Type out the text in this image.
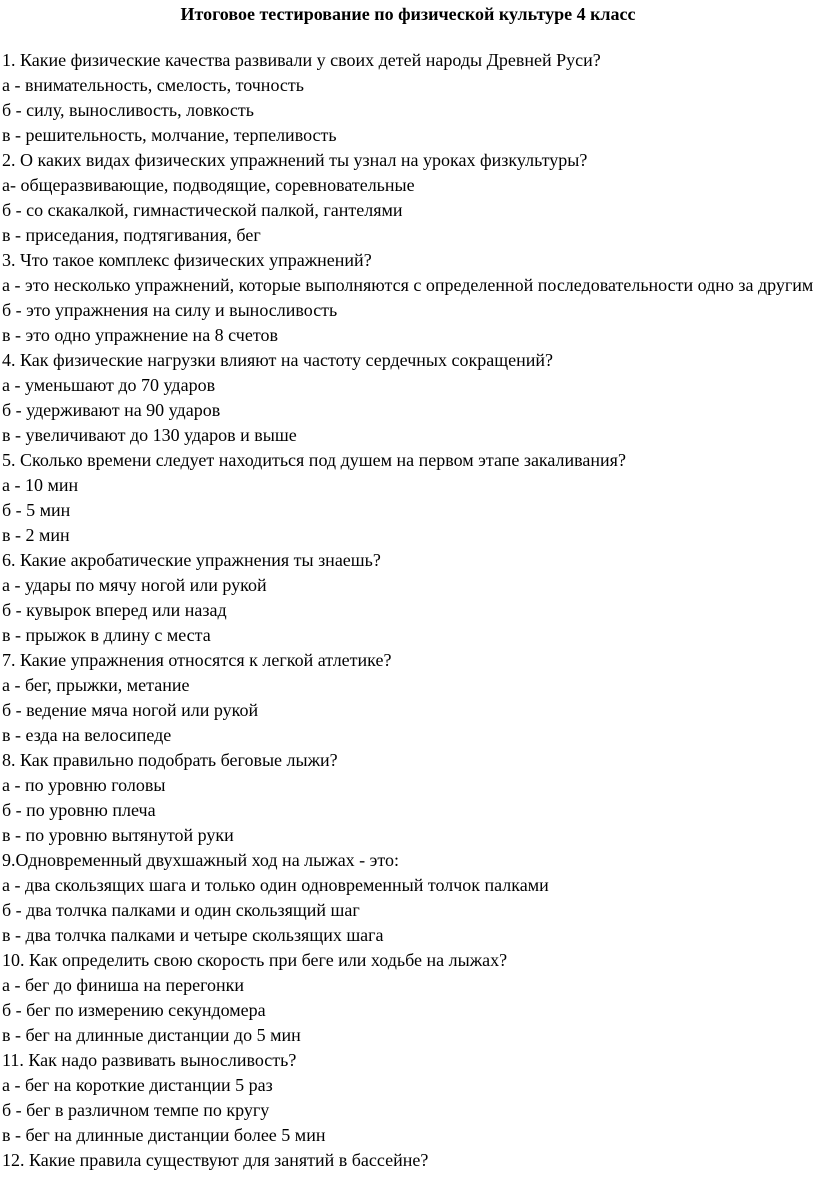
Итоговое тестирование по физической культуре 4 класс
1. Какие физические качества развивали у своих детей народы Древней Руси?
а - внимательность, смелость, точность
б - силу, выносливость, ловкость
в - решительность, молчание, терпеливость
2. О каких видах физических упражнений ты узнал на уроках физкультуры?
а- общеразвивающие, подводящие, соревновательные
б - со скакалкой, гимнастической палкой, гантелями
в - приседания, подтягивания, бег
3. Что такое комплекс физических упражнений?
а - это несколько упражнений, которые выполняются с определенной последовательности одно за другим
б - это упражнения на силу и выносливость
в - это одно упражнение на 8 счетов
4. Как физические нагрузки влияют на частоту сердечных сокращений?
а - уменьшают до 70 ударов
б - удерживают на 90 ударов
в - увеличивают до 130 ударов и выше
5. Сколько времени следует находиться под душем на первом этапе закаливания?
а - 10 мин
б - 5 мин
в - 2 мин
6. Какие акробатические упражнения ты знаешь?
а - удары по мячу ногой или рукой
б - кувырок вперед или назад
в - прыжок в длину с места
7. Какие упражнения относятся к легкой атлетике?
а - бег, прыжки, метание
б - ведение мяча ногой или рукой
в - езда на велосипеде
8. Как правильно подобрать беговые лыжи?
а - по уровню головы
б - по уровню плеча
в - по уровню вытянутой руки
9.Одновременный двухшажный ход на лыжах - это:
а - два скользящих шага и только один одновременный толчок палками
б - два толчка палками и один скользящий шаг
в - два толчка палками и четыре скользящих шага
10. Как определить свою скорость при беге или ходьбе на лыжах?
а - бег до финиша на перегонки
б - бег по измерению секундомера
в - бег на длинные дистанции до 5 мин
11. Как надо развивать выносливость?
а - бег на короткие дистанции 5 раз
б - бег в различном темпе по кругу
в - бег на длинные дистанции более 5 мин
12. Какие правила существуют для занятий в бассейне?
